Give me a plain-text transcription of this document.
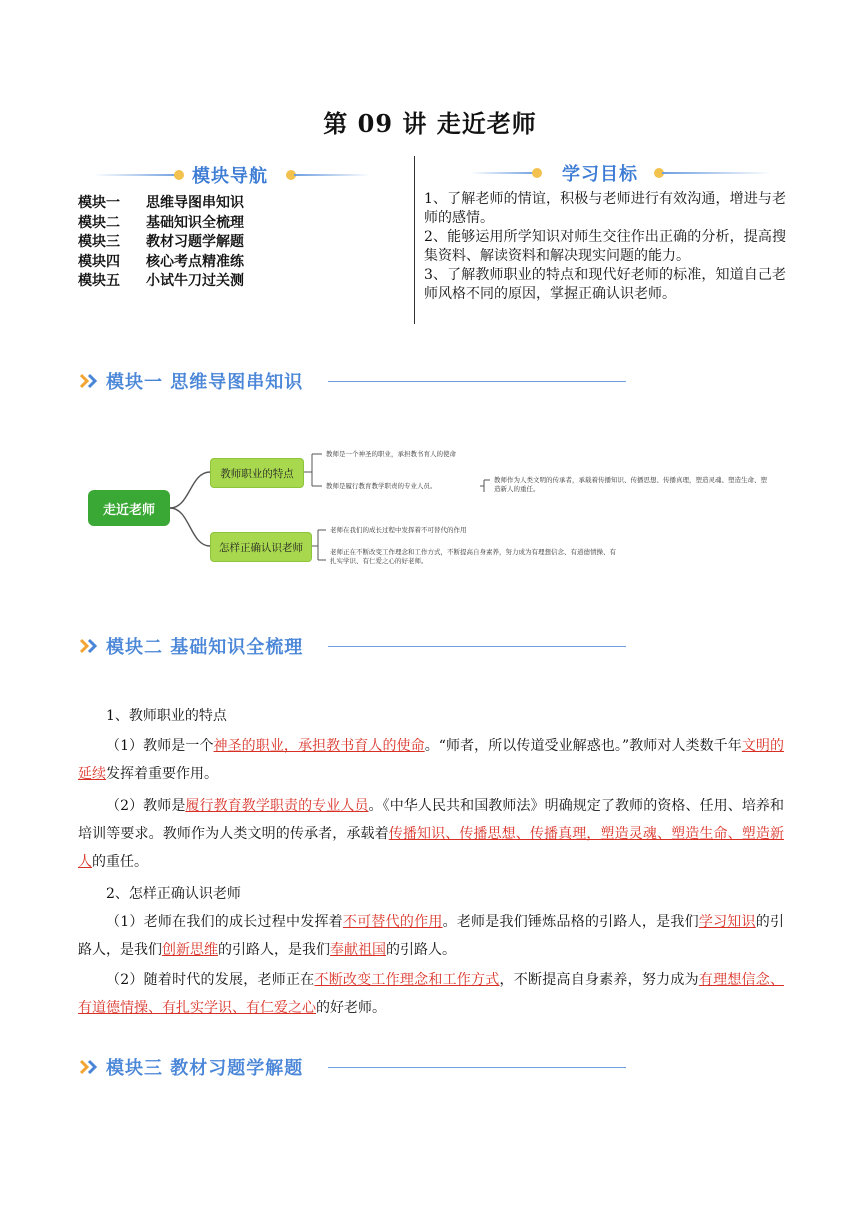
第 09 讲 走近老师
模块导航
模块一	思维导图串知识
模块二	基础知识全梳理
模块三	教材习题学解题
模块四	核心考点精准练
模块五	小试牛刀过关测
学习目标

1、了解老师的情谊，积极与老师进行有效沟通，增进与老师的感情。

2、能够运用所学知识对师生交往作出正确的分析，提高搜集资料、解读资料和解决现实问题的能力。

3、了解教师职业的特点和现代好老师的标准，知道自己老师风格不同的原因，掌握正确认识老师。

模块一 思维导图串知识
走近老师
教师职业的特点
怎样正确认识老师
教师是一个神圣的职业，承担教书育人的使命
教师是履行教育教学职责的专业人员。
教师作为人类文明的传承者，承载着传播知识、传播思想、传播真理，塑造灵魂、塑造生命、塑造新人的重任。
老师在我们的成长过程中发挥着不可替代的作用
老师正在不断改变工作理念和工作方式，不断提高自身素养，努力成为有理想信念、有道德情操、有扎实学识、有仁爱之心的好老师。
模块二 基础知识全梳理
1、教师职业的特点
（1）教师是一个神圣的职业，承担教书育人的使命。“师者，所以传道受业解惑也。”教师对人类数千年文明的延续发挥着重要作用。
（2）教师是履行教育教学职责的专业人员。《中华人民共和国教师法》明确规定了教师的资格、任用、培养和培训等要求。教师作为人类文明的传承者，承载着传播知识、传播思想、传播真理，塑造灵魂、塑造生命、塑造新人的重任。
2、怎样正确认识老师
（1）老师在我们的成长过程中发挥着不可替代的作用。老师是我们锤炼品格的引路人，是我们学习知识的引路人，是我们创新思维的引路人，是我们奉献祖国的引路人。
（2）随着时代的发展，老师正在不断改变工作理念和工作方式，不断提高自身素养，努力成为有理想信念、有道德情操、有扎实学识、有仁爱之心的好老师。
模块三 教材习题学解题
